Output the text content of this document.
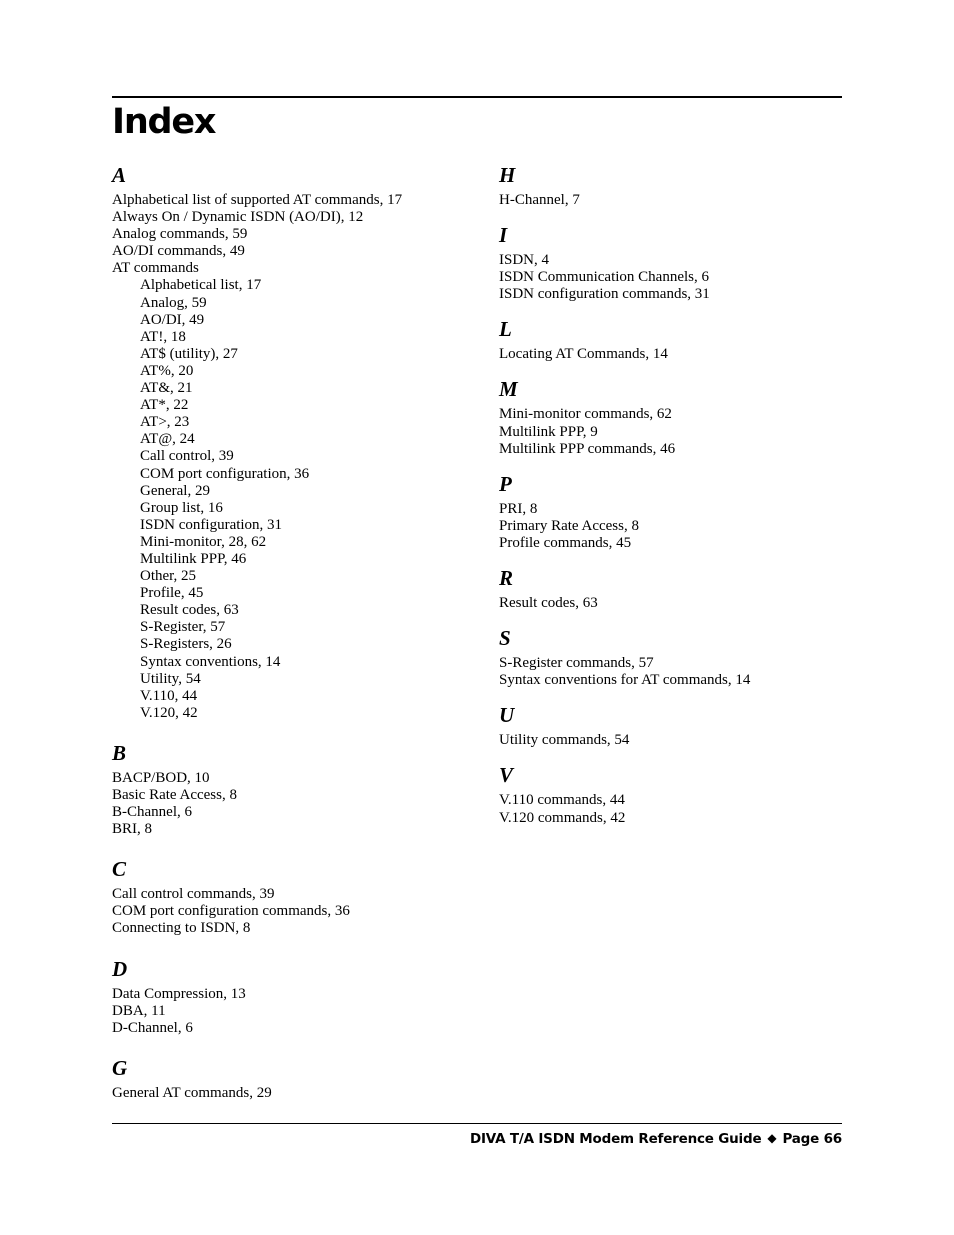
Index
A
Alphabetical list of supported AT commands, 17
Always On / Dynamic ISDN (AO/DI), 12
Analog commands, 59
AO/DI commands, 49
AT commands
Alphabetical list, 17
Analog, 59
AO/DI, 49
AT!, 18
AT$ (utility), 27
AT%, 20
AT&, 21
AT*, 22
AT>, 23
AT@, 24
Call control, 39
COM port configuration, 36
General, 29
Group list, 16
ISDN configuration, 31
Mini-monitor, 28, 62
Multilink PPP, 46
Other, 25
Profile, 45
Result codes, 63
S-Register, 57
S-Registers, 26
Syntax conventions, 14
Utility, 54
V.110, 44
V.120, 42
B
BACP/BOD, 10
Basic Rate Access, 8
B-Channel, 6
BRI, 8
C
Call control commands, 39
COM port configuration commands, 36
Connecting to ISDN, 8
D
Data Compression, 13
DBA, 11
D-Channel, 6
G
General AT commands, 29
H
H-Channel, 7
I
ISDN, 4
ISDN Communication Channels, 6
ISDN configuration commands, 31
L
Locating AT Commands, 14
M
Mini-monitor commands, 62
Multilink PPP, 9
Multilink PPP commands, 46
P
PRI, 8
Primary Rate Access, 8
Profile commands, 45
R
Result codes, 63
S
S-Register commands, 57
Syntax conventions for AT commands, 14
U
Utility commands, 54
V
V.110 commands, 44
V.120 commands, 42
DIVA T/A ISDN Modem Reference Guide ◆ Page 66
